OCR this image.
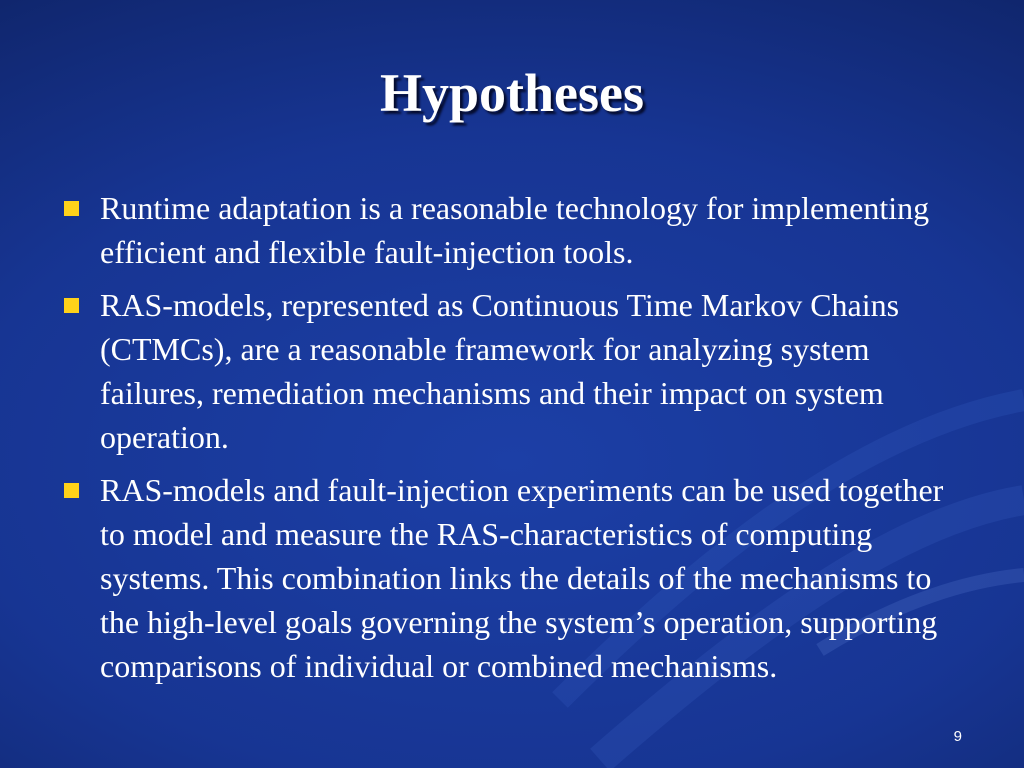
Hypotheses
Runtime adaptation is a reasonable technology for implementing efficient and flexible fault-injection tools.
RAS-models, represented as Continuous Time Markov Chains (CTMCs), are a reasonable framework for analyzing system failures, remediation mechanisms and their impact on system operation.
RAS-models and fault-injection experiments can be used together to model and measure the RAS-characteristics of computing systems. This combination links the details of the mechanisms to the high-level goals governing the system’s operation, supporting comparisons of individual or combined mechanisms.
9
